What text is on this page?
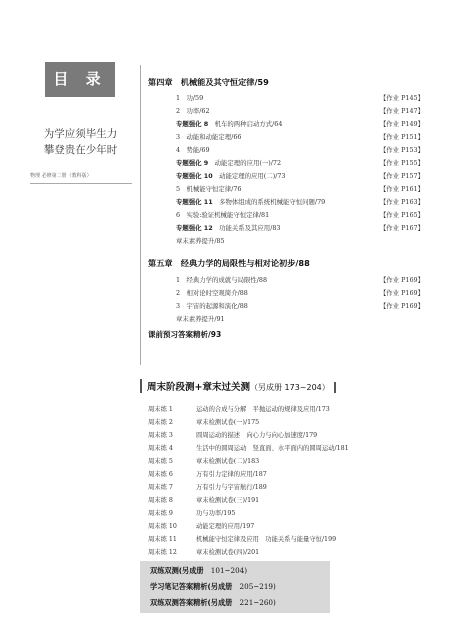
目 录
为学应须毕生力
攀登贵在少年时
物理 必修第二册（教科版）
第四章　机械能及其守恒定律/59
1　功/59	【作业 P145】
2　功率/62	【作业 P147】
专题强化 8　机车的两种启动方式/64	【作业 P149】
3　动能和动能定理/66	【作业 P151】
4　势能/69	【作业 P153】
专题强化 9　动能定理的应用(一)/72	【作业 P155】
专题强化 10　动能定理的应用(二)/73	【作业 P157】
5　机械能守恒定律/76	【作业 P161】
专题强化 11　多物体组成的系统机械能守恒问题/79	【作业 P163】
6　实验:验证机械能守恒定律/81	【作业 P165】
专题强化 12　功能关系及其应用/83	【作业 P167】
章末素养提升/85
第五章　经典力学的局限性与相对论初步/88
1　经典力学的成就与局限性/88	【作业 P169】
2　相对论时空观简介/88	【作业 P169】
3　宇宙的起源和演化/88	【作业 P169】
章末素养提升/91
课前预习答案精析/93
周末阶段测+章末过关测（另成册 173~204）
周末练 1	运动的合成与分解　平抛运动的规律及应用/173
周末练 2	章末检测试卷(一)/175
周末练 3	圆周运动的描述　向心力与向心加速度/179
周末练 4	生活中的圆周运动　竖直面、水平面内的圆周运动/181
周末练 5	章末检测试卷(二)/183
周末练 6	万有引力定律的应用/187
周末练 7	万有引力与宇宙航行/189
周末练 8	章末检测试卷(三)/191
周末练 9	功与功率/195
周末练 10	动能定理的应用/197
周末练 11	机械能守恒定律及应用　功能关系与能量守恒/199
周末练 12	章末检测试卷(四)/201
双练双测(另成册　101~204)
学习笔记答案精析(另成册　205~219)
双练双测答案精析(另成册　221~260)
